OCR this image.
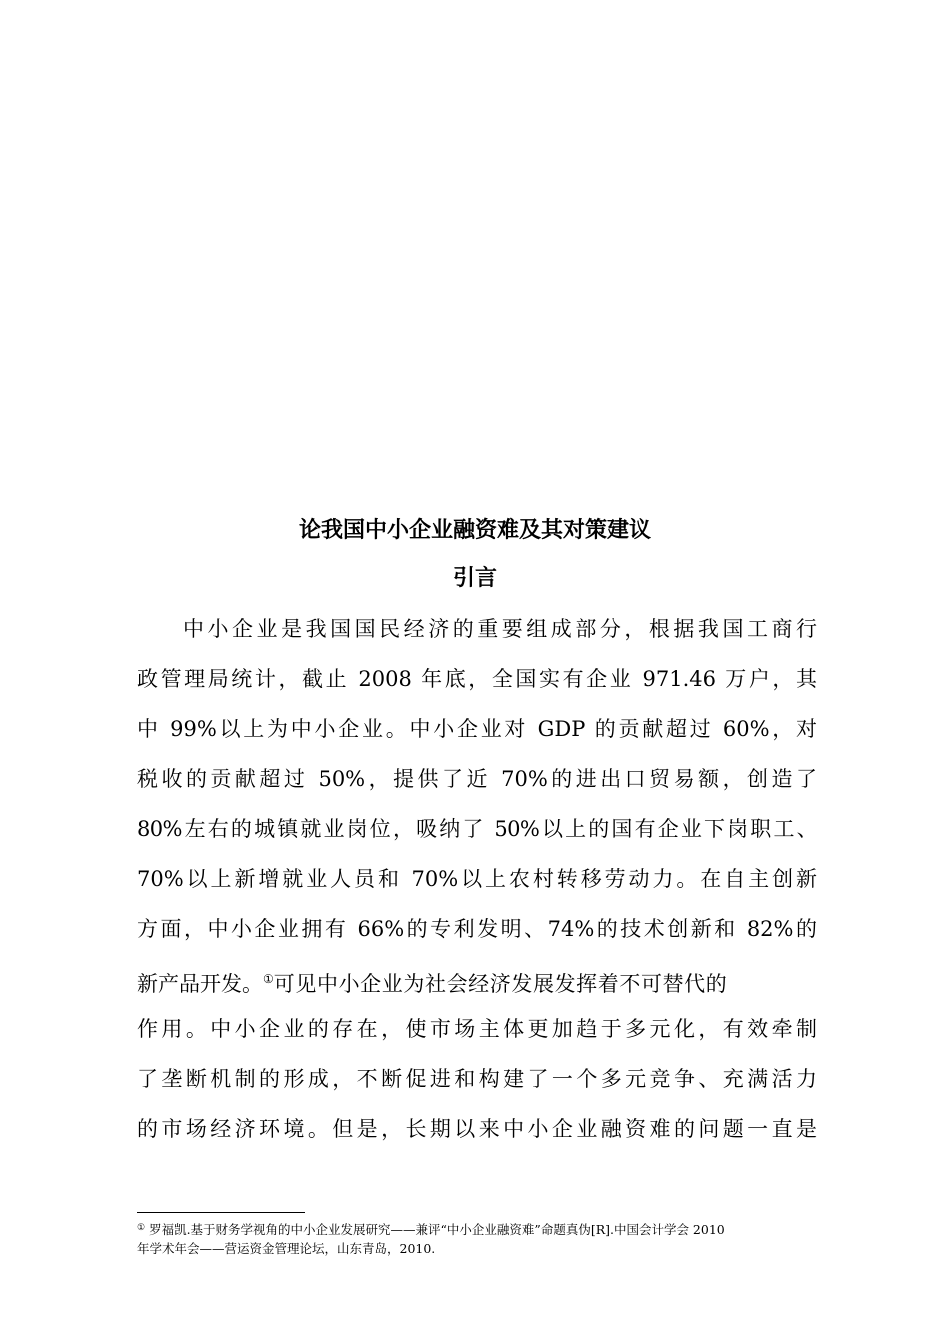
论我国中小企业融资难及其对策建议
引言
中小企业是我国国民经济的重要组成部分，根据我国工商行
政管理局统计，截止 2008 年底，全国实有企业 971.46 万户，其
中 99%以上为中小企业。中小企业对 GDP 的贡献超过 60%，对
税收的贡献超过 50%，提供了近 70%的进出口贸易额，创造了
80%左右的城镇就业岗位，吸纳了 50%以上的国有企业下岗职工、
70%以上新增就业人员和 70%以上农村转移劳动力。在自主创新
方面，中小企业拥有 66%的专利发明、74%的技术创新和 82%的
新产品开发。①可见中小企业为社会经济发展发挥着不可替代的
作用。中小企业的存在，使市场主体更加趋于多元化，有效牵制
了垄断机制的形成，不断促进和构建了一个多元竞争、充满活力
的市场经济环境。但是，长期以来中小企业融资难的问题一直是
① 罗福凯.基于财务学视角的中小企业发展研究——兼评“中小企业融资难”命题真伪[R].中国会计学会 2010
年学术年会——营运资金管理论坛，山东青岛，2010.
